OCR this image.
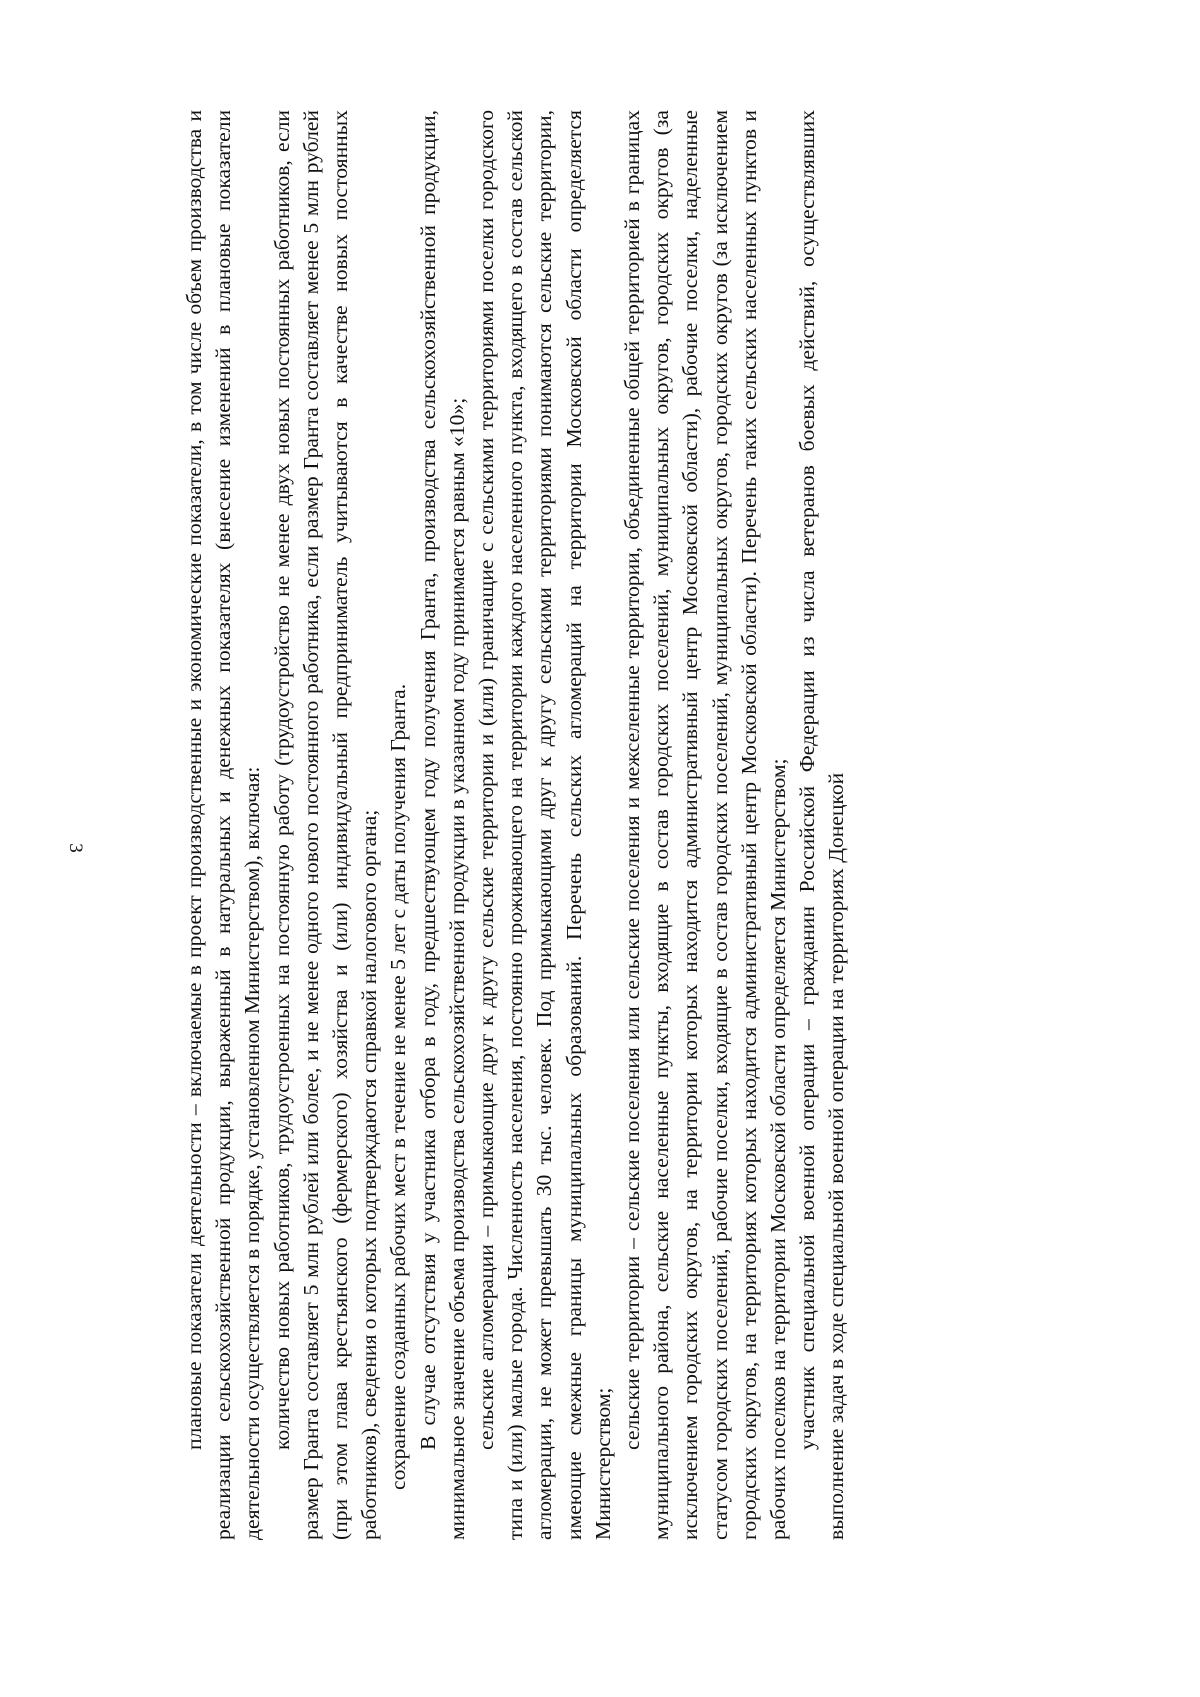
3	плановые показатели деятельности – включаемые в проект производственные и экономические показатели, в том числе объем производства и реализации сельскохозяйственной продукции, выраженный в натуральных и денежных показателях (внесение изменений в плановые показатели деятельности осуществляется в порядке, установленном Министерством), включая: количество новых работников, трудоустроенных на постоянную работу (трудоустройство не менее двух новых постоянных работников, если размер Гранта составляет 5 млн рублей или более, и не менее одного нового постоянного работника, если размер Гранта составляет менее 5 млн рублей (при этом глава крестьянского (фермерского) хозяйства и (или) индивидуальный предприниматель учитываются в качестве новых постоянных работников), сведения о которых подтверждаются справкой налогового органа; сохранение созданных рабочих мест в течение не менее 5 лет с даты получения Гранта. В случае отсутствия у участника отбора в году, предшествующем году получения Гранта, производства сельскохозяйственной продукции, минимальное значение объема производства сельскохозяйственной продукции в указанном году принимается равным «10»; сельские агломерации – примыкающие друг к другу сельские территории и (или) граничащие с сельскими территориями поселки городского типа и (или) малые города. Численность населения, постоянно проживающего на территории каждого населенного пункта, входящего в состав сельской агломерации, не может превышать 30 тыс. человек. Под примыкающими друг к другу сельскими территориями понимаются сельские территории, имеющие смежные границы муниципальных образований. Перечень сельских агломераций на территории Московской области определяется Министерством;

сельские территории – сельские поселения или сельские поселения и межселенные территории, объединенные общей территорией в границах муниципального района, сельские населенные пункты, входящие в состав городских поселений, муниципальных округов, городских округов (за исключением городских округов, на территории которых находится административный центр Московской области), рабочие поселки, наделенные статусом городских поселений, рабочие поселки, входящие в состав городских поселений, муниципальных округов, городских округов (за исключением городских округов, на территориях которых находится административный центр Московской области). Перечень таких сельских населенных пунктов и рабочих поселков на территории Московской области определяется Министерством; участник специальной военной операции – гражданин Российской Федерации из числа ветеранов боевых действий, осуществлявших выполнение задач в ходе специальной военной операции на территориях Донецкой
